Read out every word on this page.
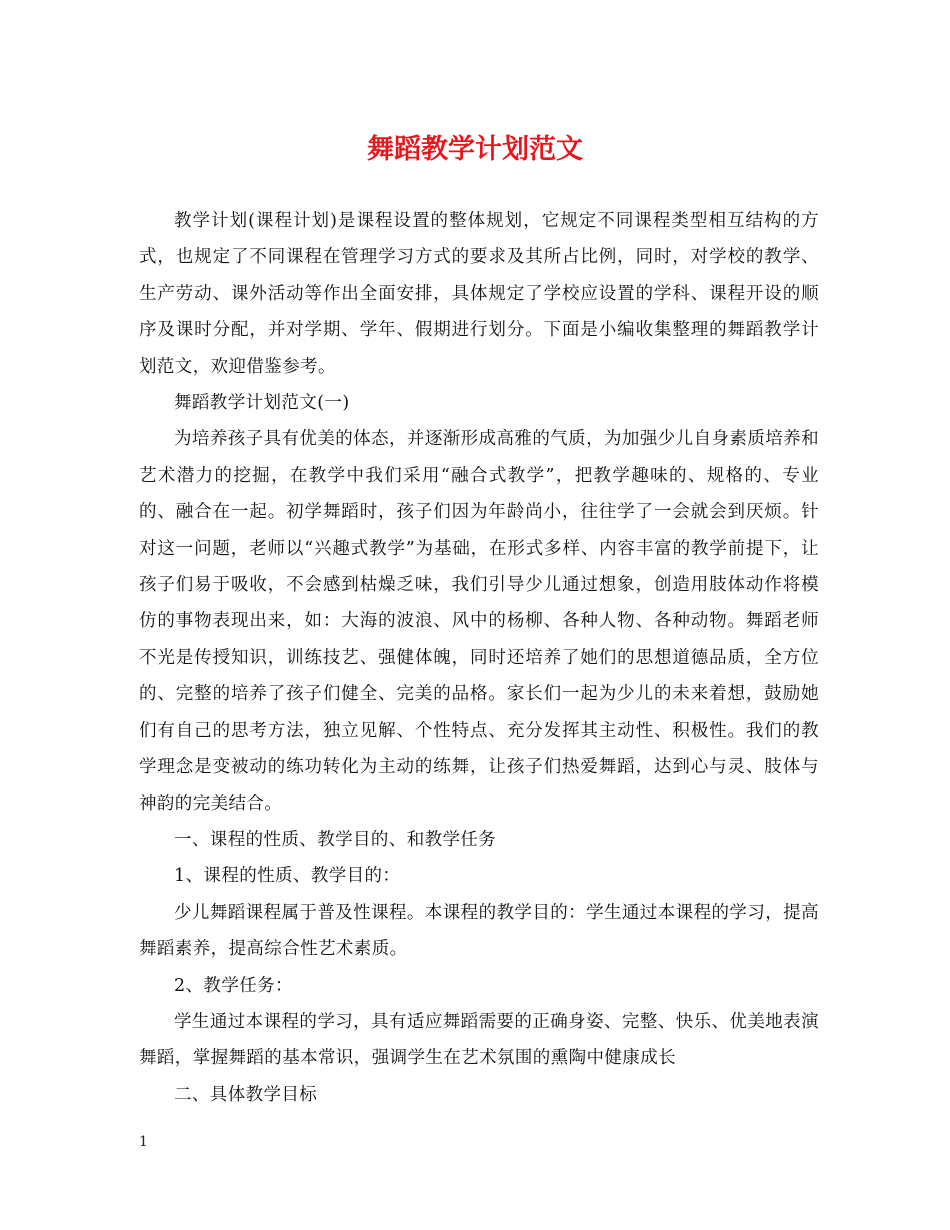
舞蹈教学计划范文

教学计划(课程计划)是课程设置的整体规划，它规定不同课程类型相互结构的方式，也规定了不同课程在管理学习方式的要求及其所占比例，同时，对学校的教学、生产劳动、课外活动等作出全面安排，具体规定了学校应设置的学科、课程开设的顺序及课时分配，并对学期、学年、假期进行划分。下面是小编收集整理的舞蹈教学计划范文，欢迎借鉴参考。

舞蹈教学计划范文(一)

为培养孩子具有优美的体态，并逐渐形成高雅的气质，为加强少儿自身素质培养和艺术潜力的挖掘，在教学中我们采用“融合式教学”，把教学趣味的、规格的、专业的、融合在一起。初学舞蹈时，孩子们因为年龄尚小，往往学了一会就会到厌烦。针对这一问题，老师以“兴趣式教学”为基础，在形式多样、内容丰富的教学前提下，让孩子们易于吸收，不会感到枯燥乏味，我们引导少儿通过想象，创造用肢体动作将模仿的事物表现出来，如：大海的波浪、风中的杨柳、各种人物、各种动物。舞蹈老师不光是传授知识，训练技艺、强健体魄，同时还培养了她们的思想道德品质，全方位的、完整的培养了孩子们健全、完美的品格。家长们一起为少儿的未来着想，鼓励她们有自己的思考方法，独立见解、个性特点、充分发挥其主动性、积极性。我们的教学理念是变被动的练功转化为主动的练舞，让孩子们热爱舞蹈，达到心与灵、肢体与神韵的完美结合。

一、课程的性质、教学目的、和教学任务

1、课程的性质、教学目的：

少儿舞蹈课程属于普及性课程。本课程的教学目的：学生通过本课程的学习，提高舞蹈素养，提高综合性艺术素质。

2、教学任务：

学生通过本课程的学习，具有适应舞蹈需要的正确身姿、完整、快乐、优美地表演舞蹈，掌握舞蹈的基本常识，强调学生在艺术氛围的熏陶中健康成长

二、具体教学目标

1
